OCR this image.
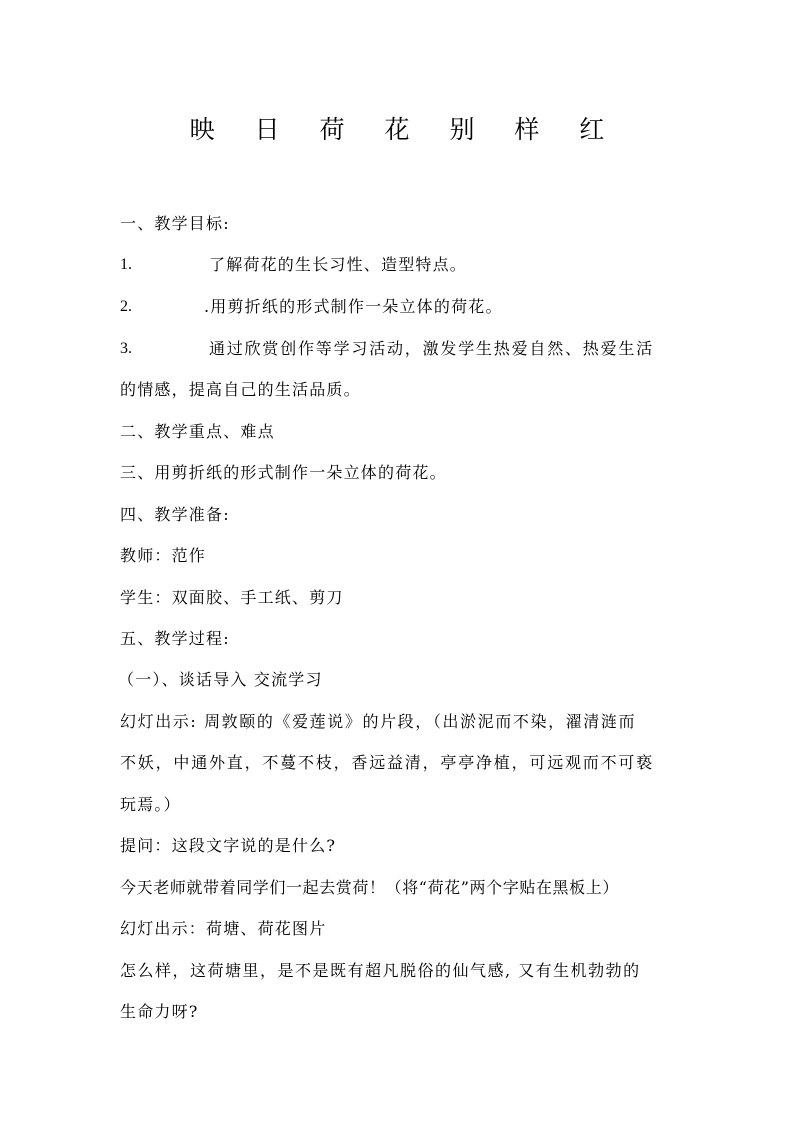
映 日 荷 花 别 样 红
一、教学目标:
1.	了解荷花的生长习性、造型特点。
2.	.用剪折纸的形式制作一朵立体的荷花。
3.	通过欣赏创作等学习活动，激发学生热爱自然、热爱生活
的情感，提高自己的生活品质。
二、教学重点、难点
三、用剪折纸的形式制作一朵立体的荷花。
四、教学准备:
教师：范作
学生：双面胶、手工纸、剪刀
五、教学过程:
（一）、谈话导入 交流学习
幻灯出示: 周敦颐的《爱莲说》的片段，（出淤泥而不染，濯清涟而
不妖，中通外直，不蔓不枝，香远益清，亭亭净植，可远观而不可亵
玩焉。）
提问：这段文字说的是什么?
今天老师就带着同学们一起去赏荷！（将“荷花”两个字贴在黑板上）
幻灯出示：荷塘、荷花图片
怎么样，这荷塘里，是不是既有超凡脱俗的仙气感, 又有生机勃勃的
生命力呀?
